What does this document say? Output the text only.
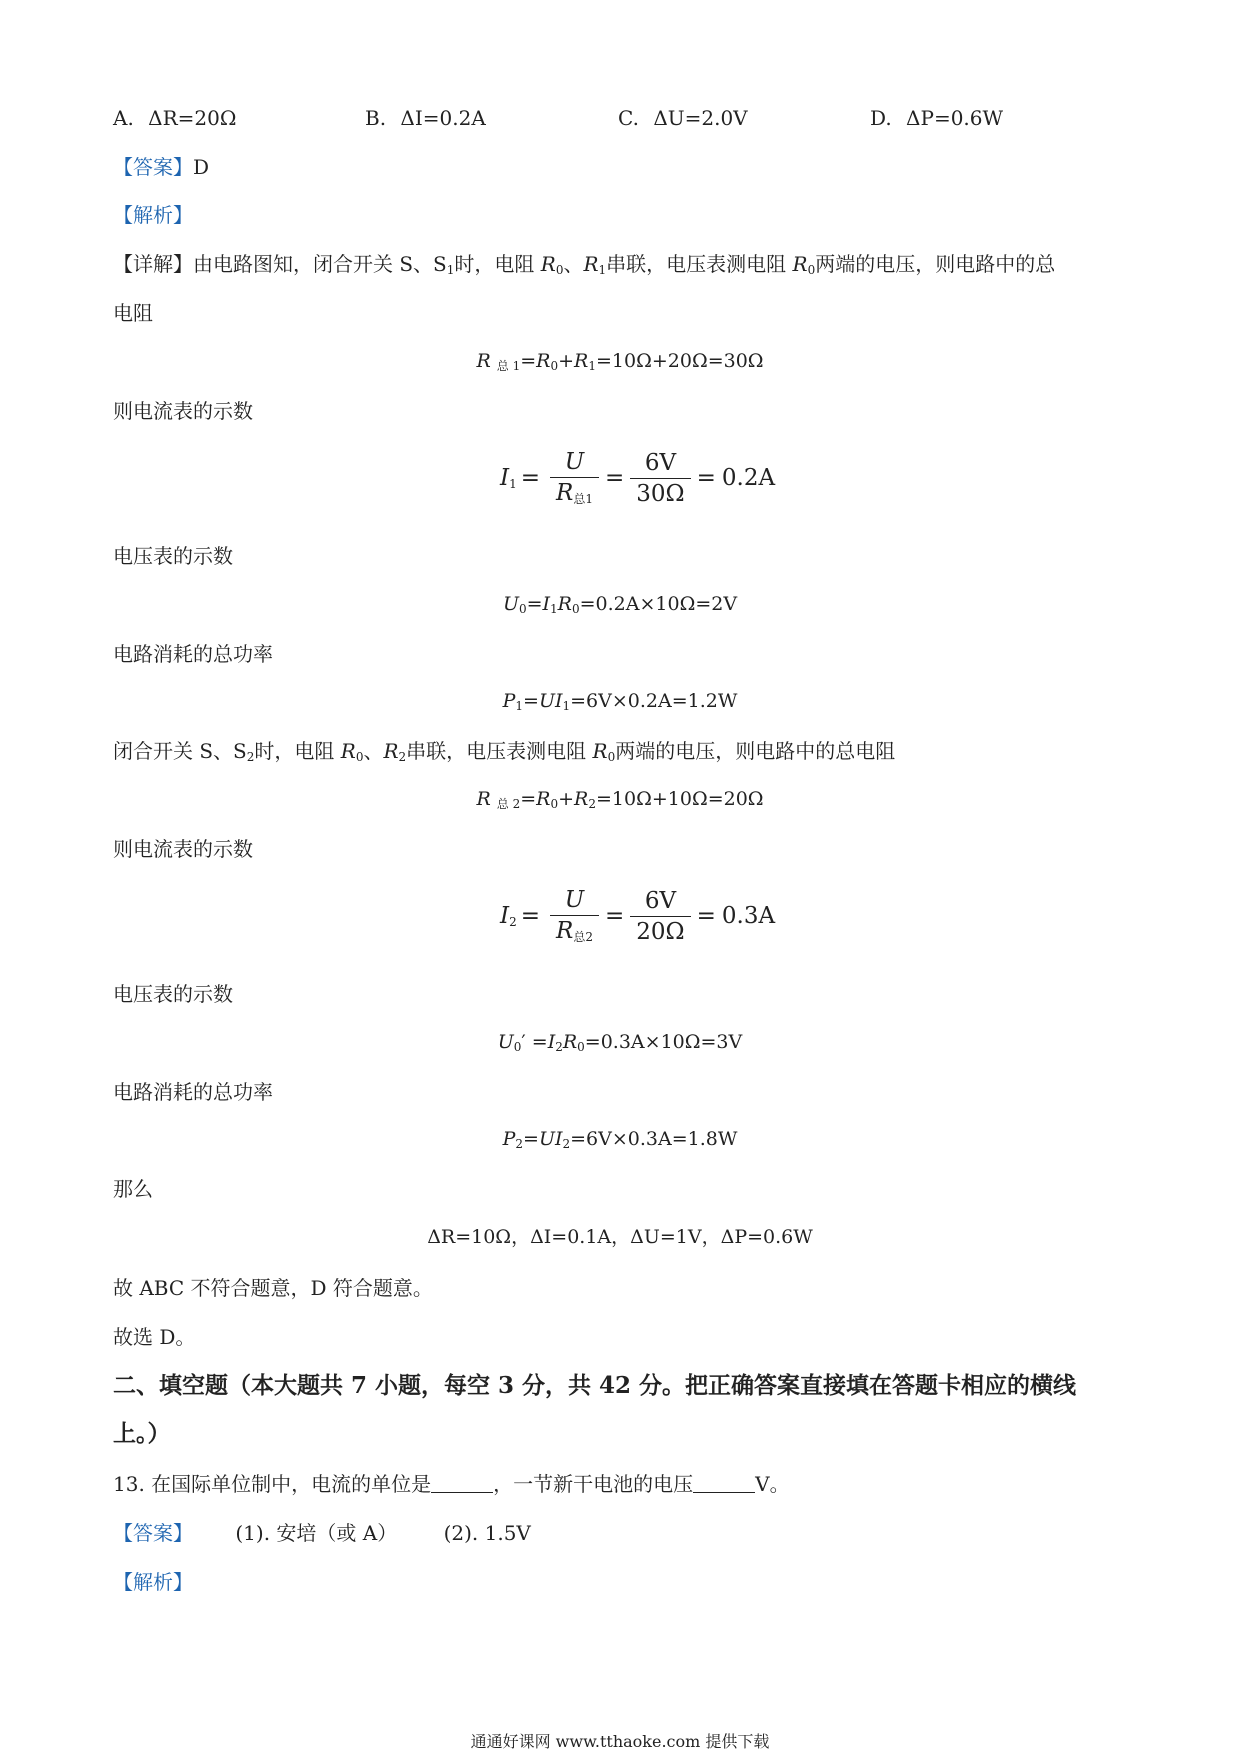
A. ΔR=20Ω	B. ΔI=0.2A	C. ΔU=2.0V	D. ΔP=0.6W
【答案】D
【解析】
【详解】由电路图知，闭合开关 S、$S_1$时，电阻 $R_0$、$R_1$串联，电压表测电阻 $R_0$两端的电压，则电路中的总
电阻
R $_{总 1}=R_0+R_1=10\Omega+20\Omega=30\Omega$
则电流表的示数
$I_1 = \frac{U}{R_{总1}} = \frac{6V}{30\Omega} = 0.2A$
电压表的示数
$U_0=I_1R_0=0.2A\times 10\Omega=2V$
电路消耗的总功率
$P_1=UI_1=6V\times 0.2A=1.2W$
闭合开关 S、$S_2$时，电阻 $R_0$、$R_2$串联，电压表测电阻 $R_0$两端的电压，则电路中的总电阻
R $_{总 2}=R_0+R_2=10\Omega+10\Omega=20\Omega$
则电流表的示数
$I_2 = \frac{U}{R_{总2}} = \frac{6V}{20\Omega} = 0.3A$
电压表的示数
$U_0' =I_2R_0=0.3A\times 10\Omega=3V$
电路消耗的总功率
$P_2=UI_2=6V\times 0.3A=1.8W$
那么
ΔR=10Ω，ΔI=0.1A，ΔU=1V，ΔP=0.6W
故 ABC 不符合题意，D 符合题意。
故选 D。
二、填空题（本大题共 7 小题，每空 3 分，共 42 分。把正确答案直接填在答题卡相应的横线
上。）
13. 在国际单位制中，电流的单位是	，一节新干电池的电压	V。
【答案】 (1). 安培（或 A） (2). 1.5V
【解析】
通通好课网 www.tthaoke.com 提供下载
